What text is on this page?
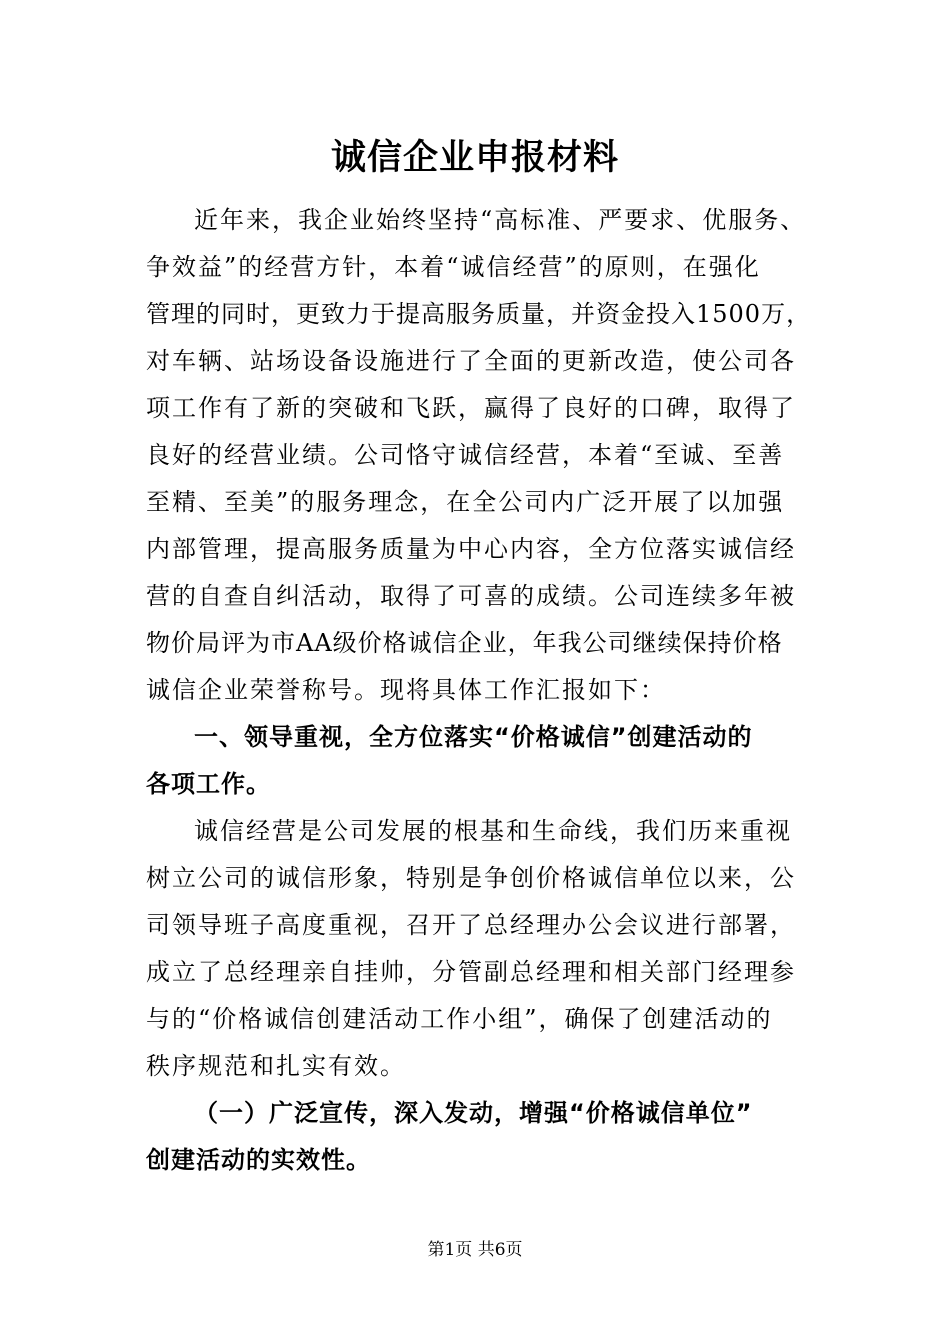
诚信企业申报材料
近年来，我企业始终坚持“高标准、严要求、优服务、
争效益”的经营方针，本着“诚信经营”的原则，在强化
管理的同时，更致力于提高服务质量，并资金投入1500万，
对车辆、站场设备设施进行了全面的更新改造，使公司各
项工作有了新的突破和飞跃，赢得了良好的口碑，取得了
良好的经营业绩。公司恪守诚信经营，本着“至诚、至善
至精、至美”的服务理念，在全公司内广泛开展了以加强
内部管理，提高服务质量为中心内容，全方位落实诚信经
营的自查自纠活动，取得了可喜的成绩。公司连续多年被
物价局评为市AA级价格诚信企业，年我公司继续保持价格
诚信企业荣誉称号。现将具体工作汇报如下：
一、领导重视，全方位落实“价格诚信”创建活动的
各项工作。
诚信经营是公司发展的根基和生命线，我们历来重视
树立公司的诚信形象，特别是争创价格诚信单位以来，公
司领导班子高度重视，召开了总经理办公会议进行部署，
成立了总经理亲自挂帅，分管副总经理和相关部门经理参
与的“价格诚信创建活动工作小组”，确保了创建活动的
秩序规范和扎实有效。
（一）广泛宣传，深入发动，增强“价格诚信单位”
创建活动的实效性。
第1页 共6页
